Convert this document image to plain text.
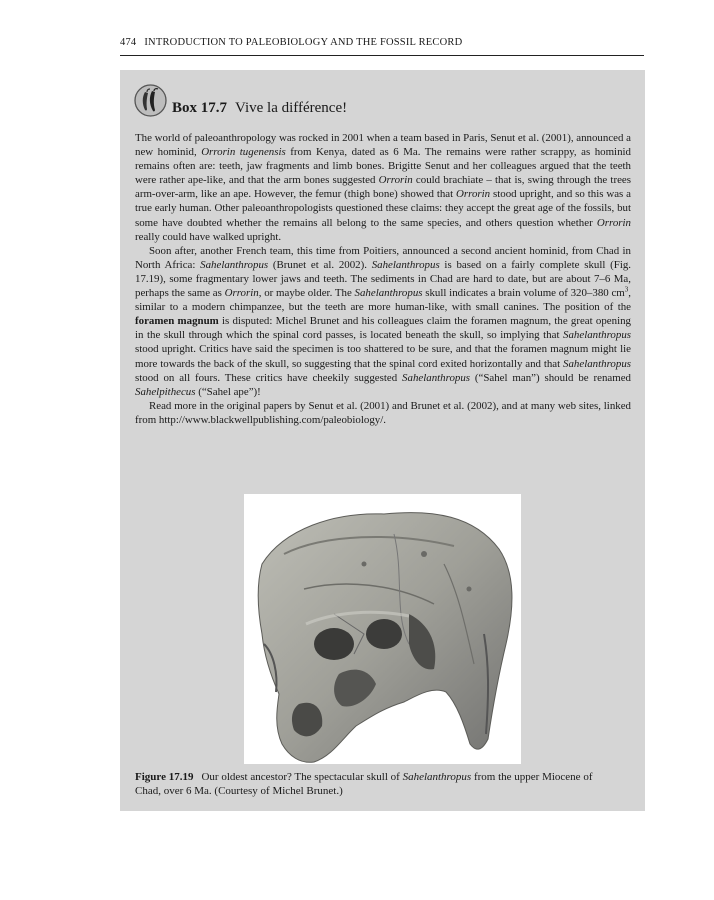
474 INTRODUCTION TO PALEOBIOLOGY AND THE FOSSIL RECORD
Box 17.7 Vive la différence!

The world of paleoanthropology was rocked in 2001 when a team based in Paris, Senut et al. (2001), announced a new hominid, Orrorin tugenensis from Kenya, dated as 6 Ma. The remains were rather scrappy, as hominid remains often are: teeth, jaw fragments and limb bones. Brigitte Senut and her colleagues argued that the teeth were rather ape-like, and that the arm bones suggested Orrorin could brachiate – that is, swing through the trees arm-over-arm, like an ape. However, the femur (thigh bone) showed that Orrorin stood upright, and so this was a true early human. Other paleoanthropologists questioned these claims: they accept the great age of the fossils, but some have doubted whether the remains all belong to the same species, and others question whether Orrorin really could have walked upright.

Soon after, another French team, this time from Poitiers, announced a second ancient hominid, from Chad in North Africa: Sahelanthropus (Brunet et al. 2002). Sahelanthropus is based on a fairly complete skull (Fig. 17.19), some fragmentary lower jaws and teeth. The sediments in Chad are hard to date, but are about 7–6 Ma, perhaps the same as Orrorin, or maybe older. The Sahelanthropus skull indicates a brain volume of 320–380 $cm^3$, similar to a modern chimpanzee, but the teeth are more human-like, with small canines. The position of the foramen magnum is disputed: Michel Brunet and his colleagues claim the foramen magnum, the great opening in the skull through which the spinal cord passes, is located beneath the skull, so implying that Sahelanthropus stood upright. Critics have said the specimen is too shattered to be sure, and that the foramen magnum might lie more towards the back of the skull, so suggesting that the spinal cord exited horizontally and that Sahelanthropus stood on all fours. These critics have cheekily suggested Sahelanthropus (“Sahel man”) should be renamed Sahelpithecus (“Sahel ape”)!

Read more in the original papers by Senut et al. (2001) and Brunet et al. (2002), and at many web sites, linked from http://www.blackwellpublishing.com/paleobiology/.

Figure 17.19 Our oldest ancestor? The spectacular skull of Sahelanthropus from the upper Miocene of Chad, over 6 Ma. (Courtesy of Michel Brunet.)
